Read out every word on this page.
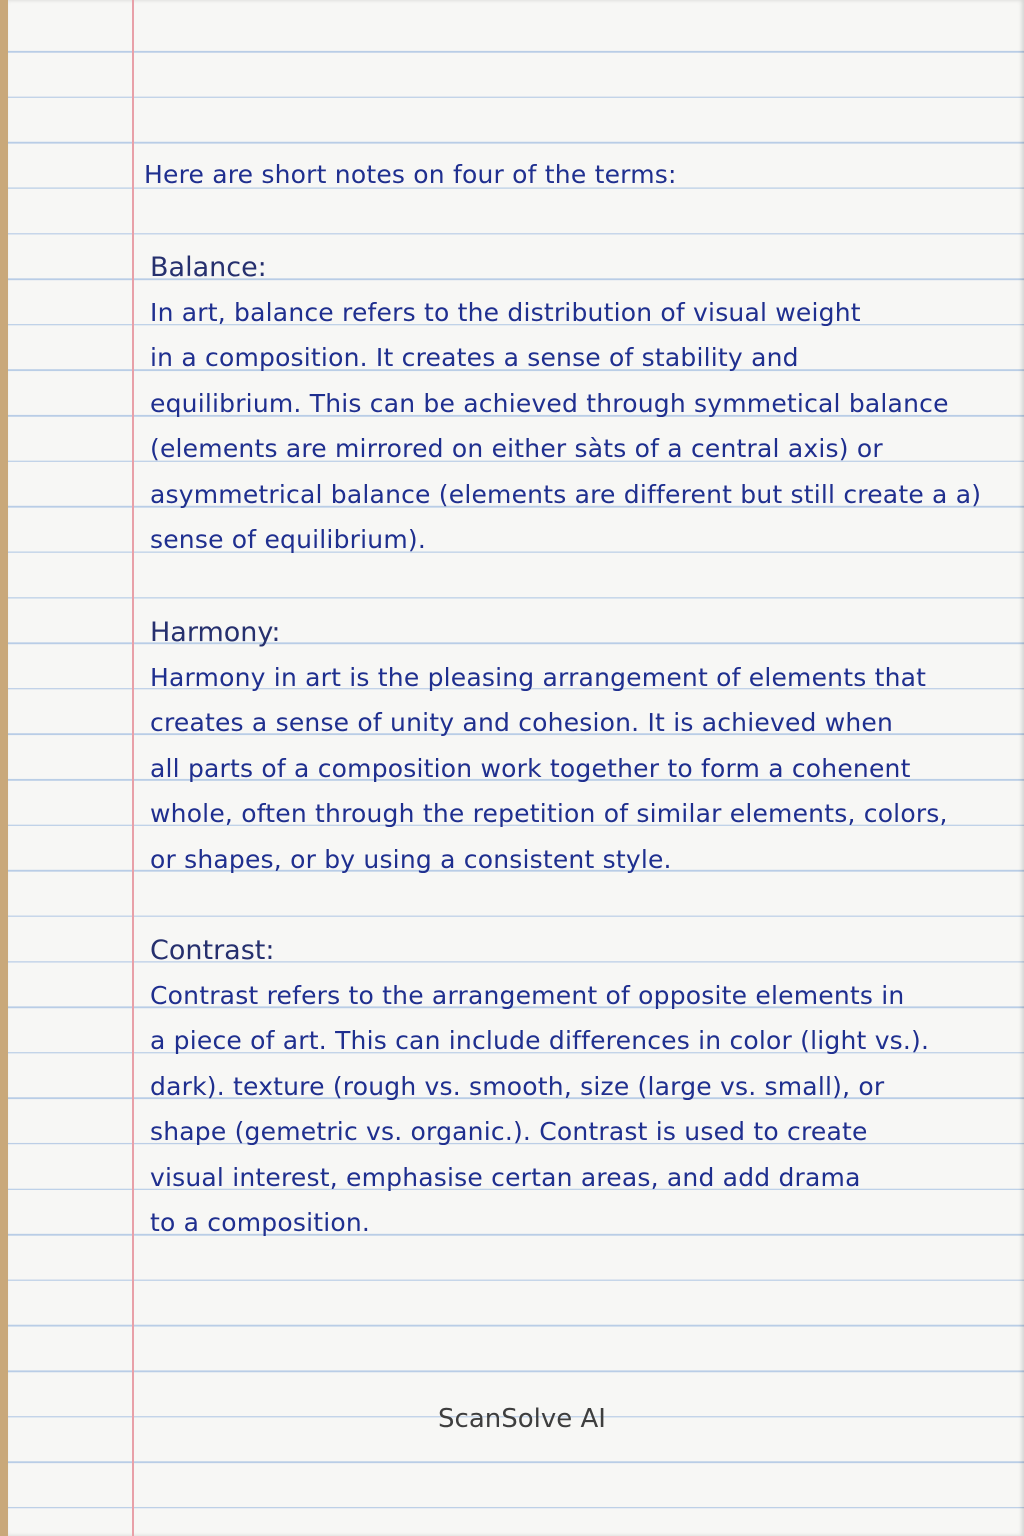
Here are short notes on four of the terms:
Balance:
In art, balance refers to the distribution of visual weight
in a composition. It creates a sense of stability and
equilibrium. This can be achieved through symmetical balance
(elements are mirrored on either sàts of a central axis) or
asymmetrical balance (elements are different but still create a a)
sense of equilibrium).
Harmony:
Harmony in art is the pleasing arrangement of elements that
creates a sense of unity and cohesion. It is achieved when
all parts of a composition work together to form a cohenent
whole, often through the repetition of similar elements, colors,
or shapes, or by using a consistent style.
Contrast:
Contrast refers to the arrangement of opposite elements in
a piece of art. This can include differences in color (light vs.).
dark). texture (rough vs. smooth, size (large vs. small), or
shape (gemetric vs. organic.). Contrast is used to create
visual interest, emphasise certan areas, and add drama
to a composition.
ScanSolve AI
